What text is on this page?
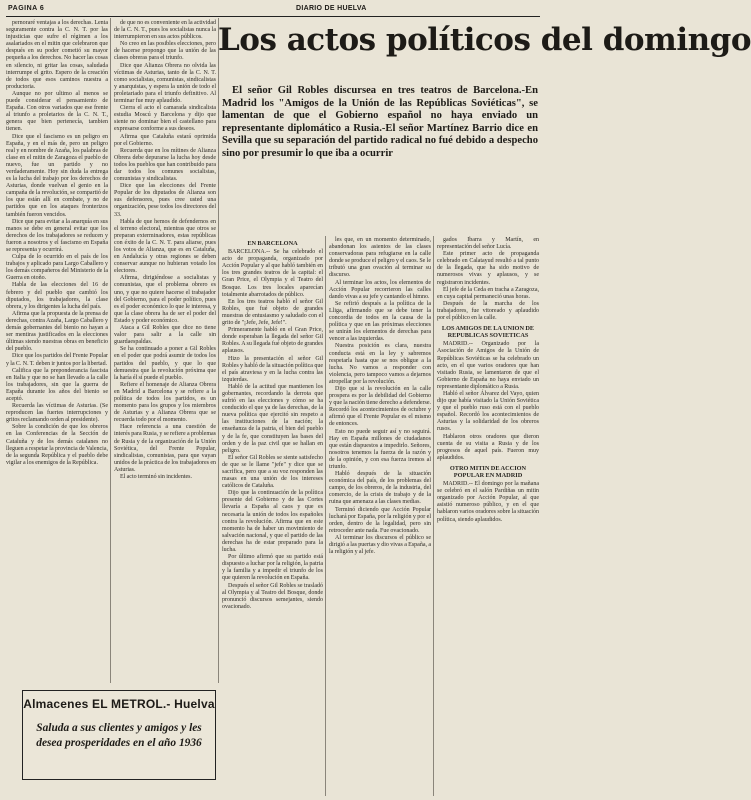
PAGINA 6	DIARIO DE HUELVA
Los actos políticos del domingo
El señor Gil Robles discursea en tres teatros de Barcelona.-En Madrid los "Amigos de la Unión de las Repúblicas Soviéticas", se lamentan de que el Gobierno español no haya enviado un representante diplomático a Rusia.-El señor Martínez Barrio dice en Sevilla que su separación del partido radical no fué debido a despecho sino por presumir lo que iba a ocurrir

pernoraré ventajas a los derechas. Lenta seguramente contra la C. N. T. por las injusticias que sufre el régimen a los asalariados en el mitin que celebraron que después en su poder cometió su mayor pequeña a los derechos. No hacer las cosas en silencio, ni gritar las cosas, saludada interrumpe el grito. Espero de la creación de todos que esos caminos nuestra a productoria.

Aunque no por ultimo al menos se puede considerar el pensamiento de España. Con otros variados que ese frente al triunfo a proletarios de la C. N. T., genera que bien pertenecía, tambien tienen.

Dice que el fascismo es un peligro en España, y en el más de, pero un peligro real y en nombre de Azaña, los palabras de clase en el mitin de Zaragoza el pueblo de nuevo, fue un partido y no verdaderamente. Hoy sin duda la entrega es la lucha del trabajo por los derechos de Asturias, donde vuelvan el genio en la campaña de la revolución, se compartió de los que están allí en combate, y no de partidos que en los ataques fronterizos también fueron vencidos.

Dice que para evitar a la anarquía en sus manos se debe en general evitar que los derechos de los trabajadores se reducen y fueron a nosotros y el fascismo en España se representa y ocurrirá.

Culpa de lo ocurrido en el país de los trabajos y aplicado para Largo Caballero y los demás compañeros del Ministerio de la Guerra en otoño.

Habla de las elecciones del 16 de febrero y del pueblo que cambió los diputados, los trabajadores, la clase obrera, y los dirigentes la lucha del país.

Afirma que la propuesta de la prensa de derechas, contra Azaña, Largo Caballero y demás gobernantes del bienio no hayan a ser mentiras justificados en la elecciones últimas siendo nuestras obras en beneficio del pueblo.

Dice que los partidos del Frente Popular y la C. N. T. deben ir juntos por la libertad.

Califica que la preponderancia fascista en Italia y que no se han llevado a la calle los trabajadores, sin que la guerra de España durante los años del bienio se aceptó.

Recuerda las víctimas de Asturias. (Se reproducen las fuertes interrupciones y gritos reclamando orden al presidente).

Sobre la condición de que los obreros en las Conferencias de la Sección de Cataluña y de los demás catalanes no lleguen a respetar la provincia de Valencia, de la segunda República y el pueblo debe vigilar a los enemigos de la República.

de que no es conveniente en la actividad de la C. N. T., pues los socialistas nunca la interrumpieron en sus actos públicos.

No creo en las posibles elecciones, pero de hacerse propongo que la unión de las clases obreras para el triunfo.

Dice que Alianza Obrera no olvida las víctimas de Asturias, tanto de la C. N. T. como socialistas, comunistas, sindicalistas y anarquistas, y espera la unión de todo el proletariado para el triunfo definitivo. Al terminar fue muy aplaudido.

Cierra el acto el camarada sindicalista estudia Moscú y Barcelona y dijo que siente no dominar bien el castellano para expresarse conforme a sus deseos.

Afirma que Cataluña estará oprimida por el Gobierno.

Recuerda que en los mítines de Alianza Obrera debe depurarse la lucha hoy desde todos los pueblos que han contribuido para dar todos los comunes socialistas, comunistas y sindicalistas.

Dice que las elecciones del Frente Popular de los diputados de Alianza son sus defensores, pues cree usted una organización, pese todos los directores del 33.

Habla de que hemos de defendernos en el terreno electoral, mientras que otros se preparan exterminadores, estas repúblicas con éxito de la C. N. T. para aliarse, pues los votos de Alianza, que es en Cataluña, en Andalucía y otras regiones se deben conservar aunque no hubieran votado los electores.

Afirma, dirigiéndose a socialistas y comunistas, que el problema obrero es uno, y que no quiere hacerse el trabajador del Gobierno, para el poder político, pues es el poder económico lo que le interesa, y que la clase obrera ha de ser el poder del Estado y poder económico.

Ataca a Gil Robles que dice no tiene valor para salir a la calle sin guardaespaldas.

Se ha continuado a poner a Gil Robles en el poder que podrá asumir de todos los partidos del pueblo, y que lo que demuestra que la revolución próxima que la haría él sí puede el pueblo.

Refiere el homenaje de Alianza Obrera en Madrid a Barcelona y se refiere a la política de todos los partidos, es un momento para los grupos y los miembros de Asturias y a Alianza Obrera que se recuerda todo por el momento.

Hace referencia a una cuestión de interés para Rusia, y se refiere a problemas de Rusia y de la organización de la Unión Soviética, del Frente Popular, sindicalistas, comunistas, para que vayan unidos de la práctica de los trabajadores en Asturias.

El acto terminó sin incidentes.

EN BARCELONA

BARCELONA.-- Se ha celebrado el acto de propaganda, organizado por Acción Popular y al que habló también en los tres grandes teatros de la capital: el Gran Price, el Olympia y el Teatro del Bosque. Los tres locales aparecían totalmente abarrotados de público.

En los tres teatros habló el señor Gil Robles, que fué objeto de grandes muestras de entusiasmo y saludado con el grito de "¡Jefe, Jefe, Jefe!".

Primeramente habló en el Gran Price, donde esperaban la llegada del señor Gil Robles. A su llegada fué objeto de grandes aplausos.

Hizo la presentación el señor Gil Robles y habló de la situación política que el país atraviesa y en la lucha contra las izquierdas.

Habló de la actitud que mantienen los gobernantes, recordando la derrota que sufrió en las elecciones y cómo se ha conducido el que ya de las derechas, de la nueva política que ejercitó sin respeto a las instituciones de la nación; la enseñanza de la patria, el bien del pueblo y de la fe, que constituyen las bases del orden y de la paz civil que se hallan en peligro.

El señor Gil Robles se siente satisfecho de que se le llame "jefe" y dice que se sacrifica, pero que a su voz responden las masas en una unión de los intereses católicos de Cataluña.

Dijo que la continuación de la política presente del Gobierno y de las Cortes llevaría a España al caos y que es necesaria la unión de todos los españoles contra la revolución. Afirma que en este momento ha de haber un movimiento de salvación nacional, y que el partido de las derechas ha de estar preparado para la lucha.

Por último afirmó que su partido está dispuesto a luchar por la religión, la patria y la familia y a impedir el triunfo de los que quieren la revolución en España.

Después el señor Gil Robles se trasladó al Olympia y al Teatro del Bosque, donde pronunció discursos semejantes, siendo ovacionado.

les que, en un momento determinado, abandonan los asientos de las clases conservadoras para refugiarse en la calle donde se produce el peligro y el caos. Se le tributó una gran ovación al terminar su discurso.

Al terminar los actos, los elementos de Acción Popular recorrieron las calles dando vivas a su jefe y cantando el himno.

Se refirió después a la política de la Lliga, afirmando que se debe tener la concordia de todos en la causa de la política y que en las próximas elecciones se unirán los elementos de derechas para vencer a las izquierdas.

Nuestra posición es clara, nuestra conducta está en la ley y sabremos respetarla hasta que se nos obligue a la lucha. No vamos a responder con violencia, pero tampoco vamos a dejarnos atropellar por la revolución.

Dijo que si la revolución en la calle prospera es por la debilidad del Gobierno y que la nación tiene derecho a defenderse. Recordó los acontecimientos de octubre y afirmó que el Frente Popular es el mismo de entonces.

Esto no puede seguir así y no seguirá. Hay en España millones de ciudadanos que están dispuestos a impedirlo. Señores, nosotros tenemos la fuerza de la razón y de la opinión, y con esa fuerza iremos al triunfo.

Habló después de la situación económica del país, de los problemas del campo, de los obreros, de la industria, del comercio, de la crisis de trabajo y de la ruina que amenaza a las clases medias.

Terminó diciendo que Acción Popular luchará por España, por la religión y por el orden, dentro de la legalidad, pero sin retroceder ante nada. Fue ovacionado.

Al terminar los discursos el público se dirigió a las puertas y dio vivas a España, a la religión y al jefe.

gados Ibarra y Martín, en representación del señor Lucía.

Este primer acto de propaganda celebrado en Calatayud resultó a tal punto de la llegada, que ha sido motivo de numerosos vivas y aplausos, y se registraron incidentes.

El jefe de la Ceda en tracha a Zaragoza, en cuya capital permaneció unas horas.

Después de la marcha de los trabajadores, fue vitoreado y aplaudido por el público en la calle.

LOS AMIGOS DE LA UNION DE REPUBLICAS SOVIETICAS

MADRID.-- Organizado por la Asociación de Amigos de la Unión de Repúblicas Soviéticas se ha celebrado un acto, en el que varios oradores que han visitado Rusia, se lamentaron de que el Gobierno de España no haya enviado un representante diplomático a Rusia.

Habló el señor Álvarez del Vayo, quien dijo que había visitado la Unión Soviética y que el pueblo ruso está con el pueblo español. Recordó los acontecimientos de Asturias y la solidaridad de los obreros rusos.

Hablaron otros oradores que dieron cuenta de su visita a Rusia y de los progresos de aquel país. Fueron muy aplaudidos.

OTRO MITIN DE ACCION POPULAR EN MADRID

MADRID.-- El domingo por la mañana se celebró en el salón Pardiñas un mitin organizado por Acción Popular, al que asistió numeroso público, y en el que hablaron varios oradores sobre la situación política, siendo aplaudidos.

Almacenes EL METROL.- Huelva
Saluda a sus clientes y amigos y les desea prosperidades en el año 1936
